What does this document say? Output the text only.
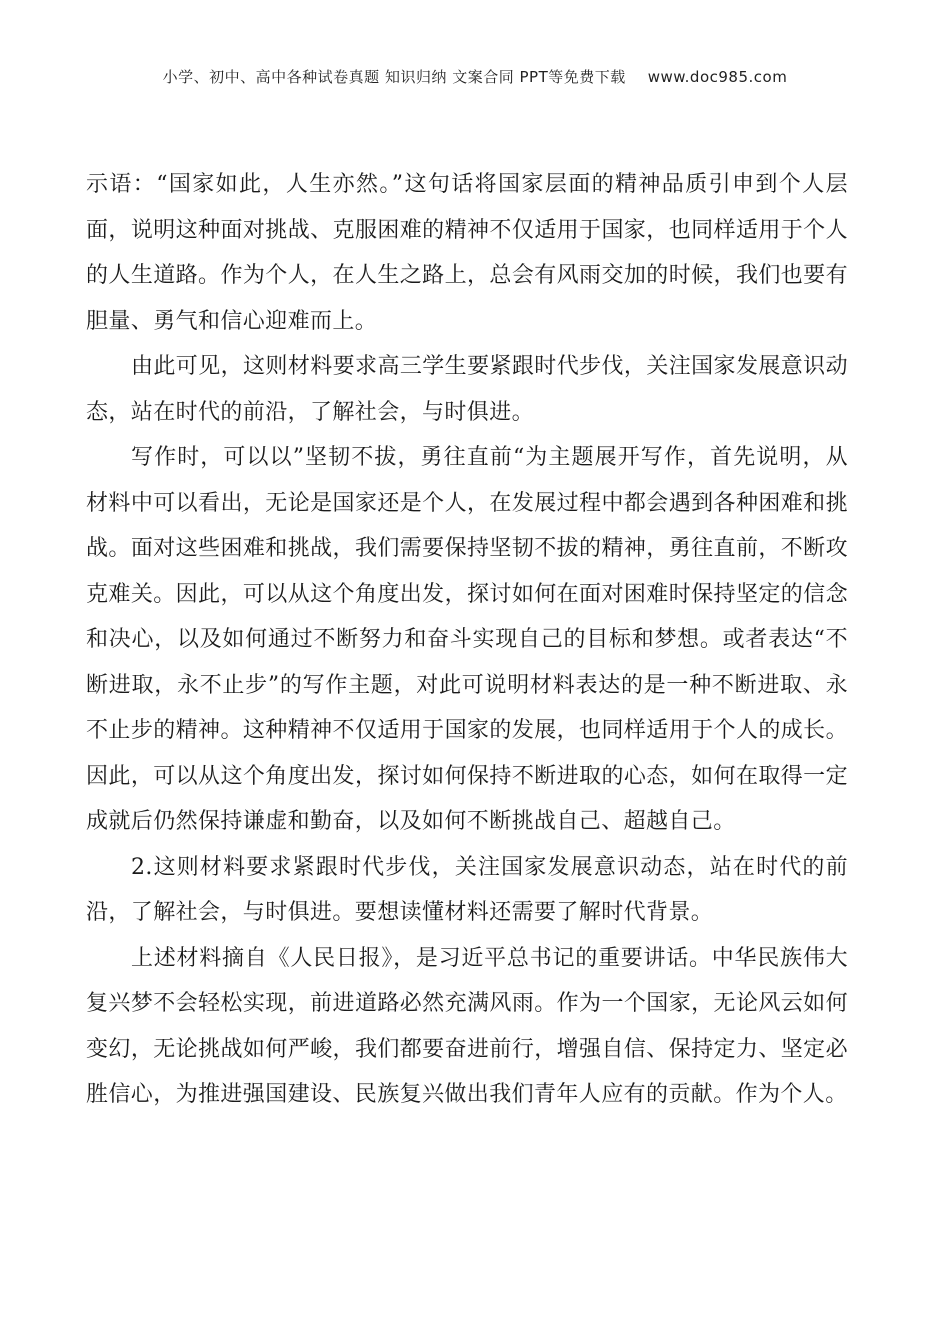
小学、初中、高中各种试卷真题 知识归纳 文案合同 PPT等免费下载 www.doc985.com

示语：“国家如此，人生亦然。”这句话将国家层面的精神品质引申到个人层面，说明这种面对挑战、克服困难的精神不仅适用于国家，也同样适用于个人的人生道路。作为个人，在人生之路上，总会有风雨交加的时候，我们也要有胆量、勇气和信心迎难而上。

由此可见，这则材料要求高三学生要紧跟时代步伐，关注国家发展意识动态，站在时代的前沿，了解社会，与时俱进。

写作时，可以以”坚韧不拔，勇往直前“为主题展开写作，首先说明，从材料中可以看出，无论是国家还是个人，在发展过程中都会遇到各种困难和挑战。面对这些困难和挑战，我们需要保持坚韧不拔的精神，勇往直前，不断攻克难关。因此，可以从这个角度出发，探讨如何在面对困难时保持坚定的信念和决心，以及如何通过不断努力和奋斗实现自己的目标和梦想。或者表达“不断进取，永不止步”的写作主题，对此可说明材料表达的是一种不断进取、永不止步的精神。这种精神不仅适用于国家的发展，也同样适用于个人的成长。因此，可以从这个角度出发，探讨如何保持不断进取的心态，如何在取得一定成就后仍然保持谦虚和勤奋，以及如何不断挑战自己、超越自己。

2.这则材料要求紧跟时代步伐，关注国家发展意识动态，站在时代的前沿，了解社会，与时俱进。要想读懂材料还需要了解时代背景。

上述材料摘自《人民日报》，是习近平总书记的重要讲话。中华民族伟大复兴梦不会轻松实现，前进道路必然充满风雨。作为一个国家，无论风云如何变幻，无论挑战如何严峻，我们都要奋进前行，增强自信、保持定力、坚定必胜信心，为推进强国建设、民族复兴做出我们青年人应有的贡献。作为个人。
